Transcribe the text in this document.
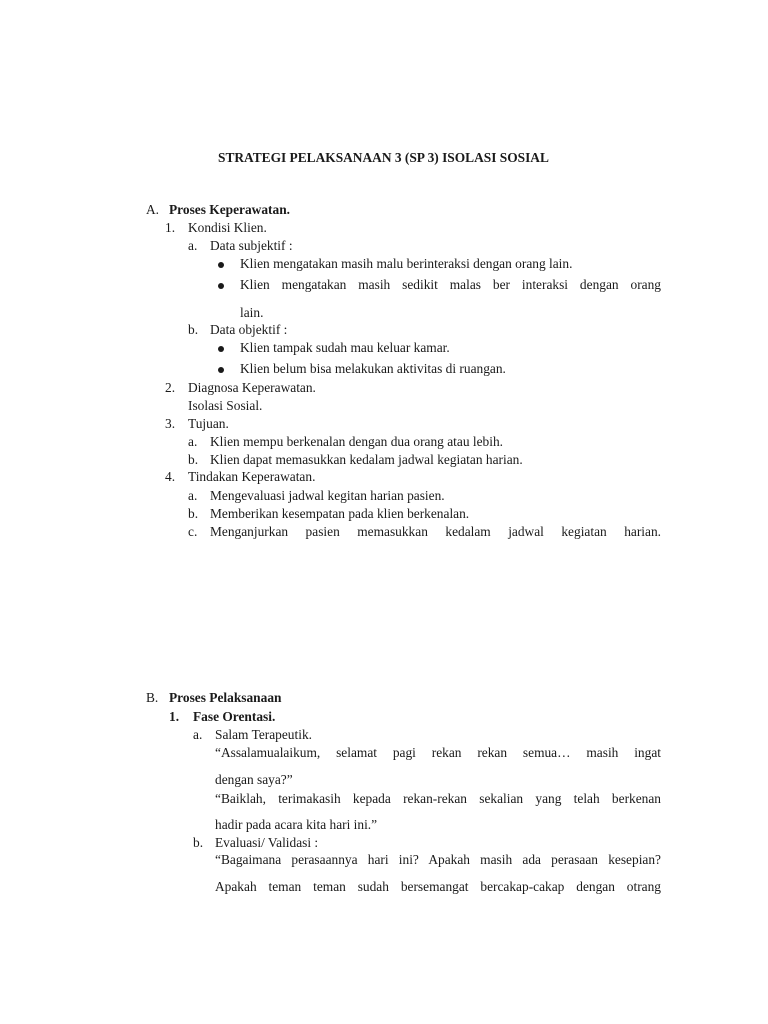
STRATEGI PELAKSANAAN 3 (SP 3) ISOLASI SOSIAL
A. Proses Keperawatan.
1. Kondisi Klien.
a. Data subjektif :
Klien mengatakan masih malu berinteraksi dengan orang lain.
Klien mengatakan masih sedikit malas ber interaksi dengan orang
lain.
b. Data objektif :
Klien tampak sudah mau keluar kamar.
Klien belum bisa melakukan aktivitas di ruangan.
2. Diagnosa Keperawatan.
Isolasi Sosial.
3. Tujuan.
a. Klien mempu berkenalan dengan dua orang atau lebih.
b. Klien dapat memasukkan kedalam jadwal kegiatan harian.
4. Tindakan Keperawatan.
a. Mengevaluasi jadwal kegitan harian pasien.
b. Memberikan kesempatan pada klien berkenalan.
c. Menganjurkan pasien memasukkan kedalam jadwal kegiatan harian.
B. Proses Pelaksanaan
1. Fase Orentasi.
a. Salam Terapeutik.
“Assalamualaikum, selamat pagi rekan rekan semua… masih ingat
dengan saya?”
“Baiklah, terimakasih kepada rekan-rekan sekalian yang telah berkenan
hadir pada acara kita hari ini.”
b. Evaluasi/ Validasi :
“Bagaimana perasaannya hari ini? Apakah masih ada perasaan kesepian?
Apakah teman teman sudah bersemangat bercakap-cakap dengan otrang
